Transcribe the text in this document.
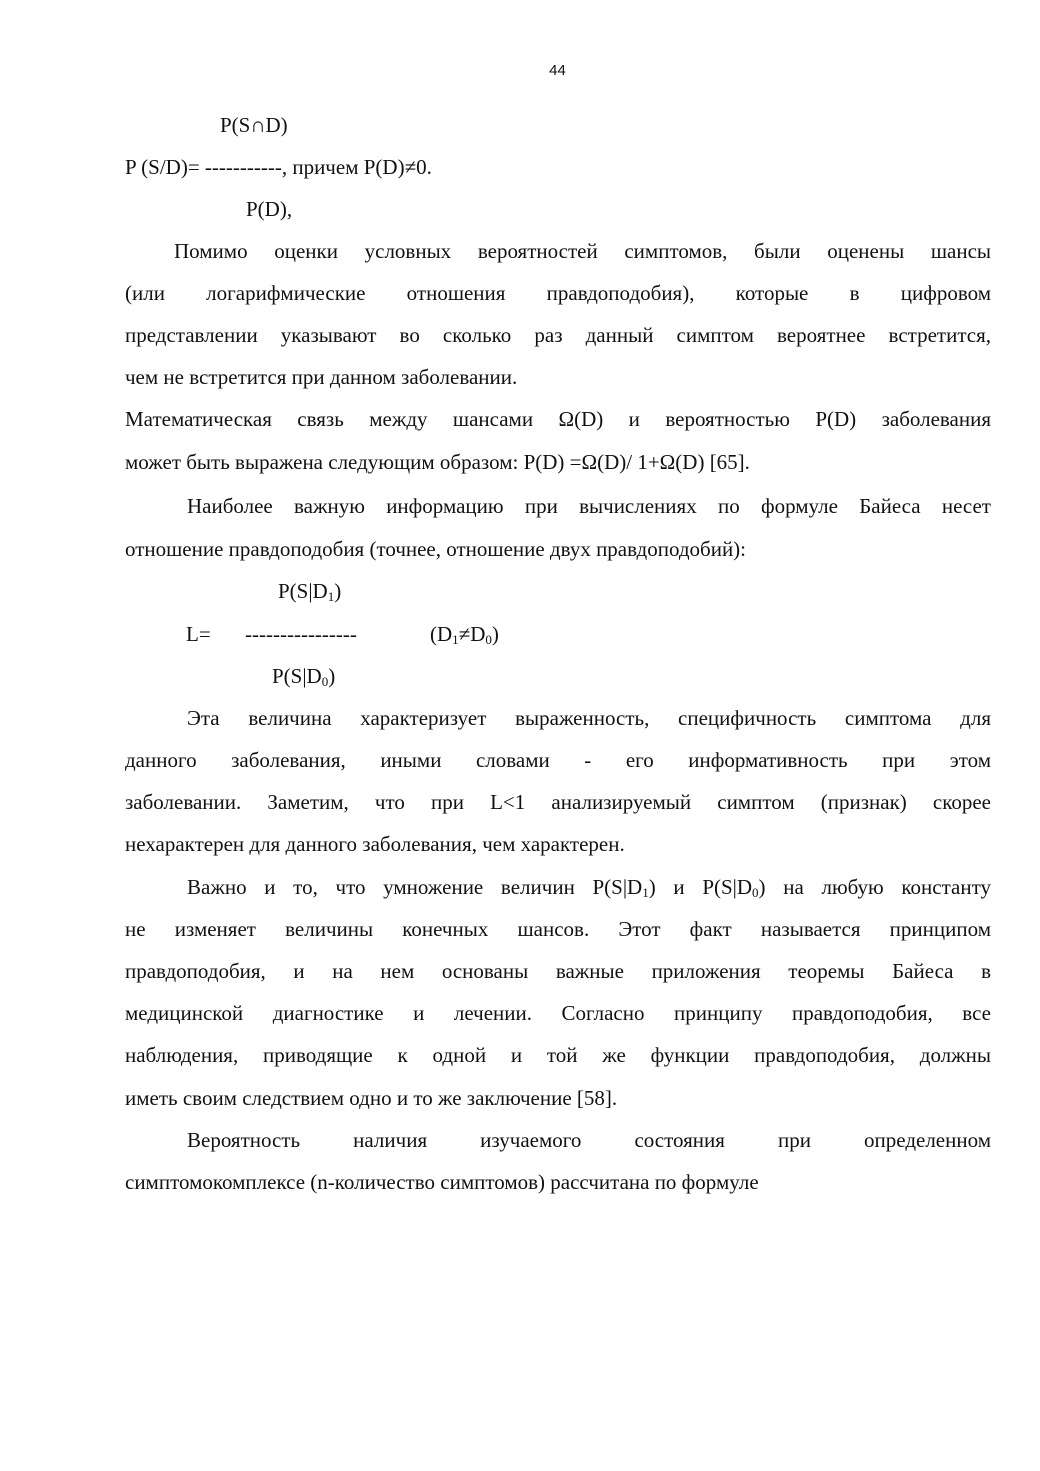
44
P(S∩D)
P (S/D)= -----------, причем P(D)≠0.
P(D),
Помимо оценки условных вероятностей симптомов, были оценены шансы
(или логарифмические отношения правдоподобия), которые в цифровом
представлении указывают во сколько раз данный симптом вероятнее встретится,
чем не встретится при данном заболевании.
Математическая связь между шансами Ω(D) и вероятностью P(D) заболевания
может быть выражена следующим образом: P(D) =Ω(D)/ 1+Ω(D) [65].
Наиболее важную информацию при вычислениях по формуле Байеса несет
отношение правдоподобия (точнее, отношение двух правдоподобий):
$P(S|D_1)$
L= ----------------	$(D_1\ne D_0)$
$P(S|D_0)$
Эта величина характеризует выраженность, специфичность симптома для
данного заболевания, иными словами - его информативность при этом
заболевании. Заметим, что при L<1 анализируемый симптом (признак) скорее
нехарактерен для данного заболевания, чем характерен.
Важно и то, что умножение величин $P(S|D_1)$ и $P(S|D_0)$ на любую константу
не изменяет величины конечных шансов. Этот факт называется принципом
правдоподобия, и на нем основаны важные приложения теоремы Байеса в
медицинской диагностике и лечении. Согласно принципу правдоподобия, все
наблюдения, приводящие к одной и той же функции правдоподобия, должны
иметь своим следствием одно и то же заключение [58].
Вероятность наличия изучаемого состояния при определенном
симптомокомплексе (n-количество симптомов) рассчитана по формуле
